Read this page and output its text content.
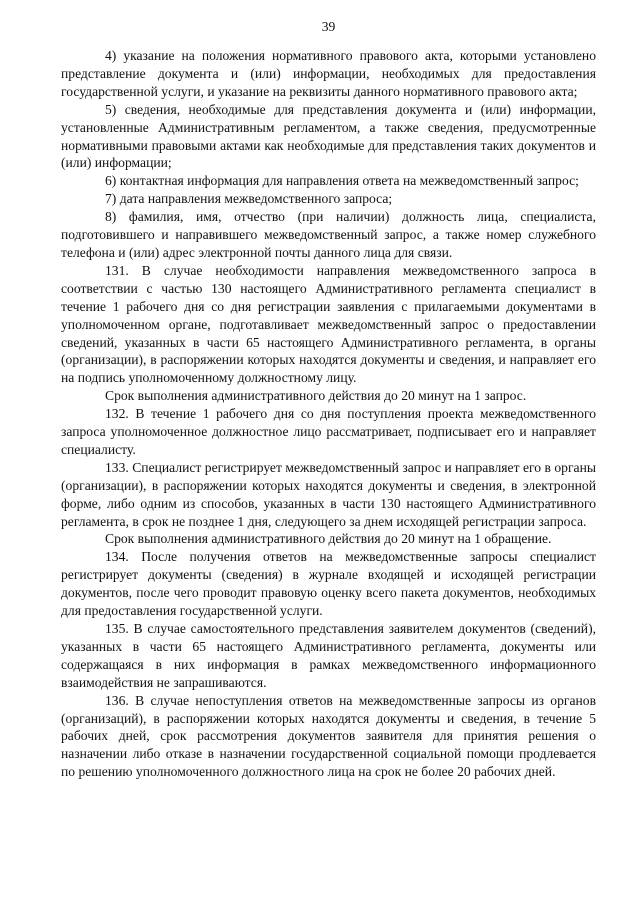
39

4) указание на положения нормативного правового акта, которыми установлено представление документа и (или) информации, необходимых для предоставления государственной услуги, и указание на реквизиты данного нормативного правового акта;

5) сведения, необходимые для представления документа и (или) информации, установленные Административным регламентом, а также сведения, предусмотренные нормативными правовыми актами как необходимые для представления таких документов и (или) информации;

6) контактная информация для направления ответа на межведомственный запрос;

7) дата направления межведомственного запроса;

8) фамилия, имя, отчество (при наличии) должность лица, специалиста, подготовившего и направившего межведомственный запрос, а также номер служебного телефона и (или) адрес электронной почты данного лица для связи.

131. В случае необходимости направления межведомственного запроса в соответствии с частью 130 настоящего Административного регламента специалист в течение 1 рабочего дня со дня регистрации заявления с прилагаемыми документами в уполномоченном органе, подготавливает межведомственный запрос о предоставлении сведений, указанных в части 65 настоящего Административного регламента, в органы (организации), в распоряжении которых находятся документы и сведения, и направляет его на подпись уполномоченному должностному лицу.

Срок выполнения административного действия до 20 минут на 1 запрос.

132. В течение 1 рабочего дня со дня поступления проекта межведомственного запроса уполномоченное должностное лицо рассматривает, подписывает его и направляет специалисту.

133. Специалист регистрирует межведомственный запрос и направляет его в органы (организации), в распоряжении которых находятся документы и сведения, в электронной форме, либо одним из способов, указанных в части 130 настоящего Административного регламента, в срок не позднее 1 дня, следующего за днем исходящей регистрации запроса.

Срок выполнения административного действия до 20 минут на 1 обращение.

134. После получения ответов на межведомственные запросы специалист регистрирует документы (сведения) в журнале входящей и исходящей регистрации документов, после чего проводит правовую оценку всего пакета документов, необходимых для предоставления государственной услуги.

135. В случае самостоятельного представления заявителем документов (сведений), указанных в части 65 настоящего Административного регламента, документы или содержащаяся в них информация в рамках межведомственного информационного взаимодействия не запрашиваются.

136. В случае непоступления ответов на межведомственные запросы из органов (организаций), в распоряжении которых находятся документы и сведения, в течение 5 рабочих дней, срок рассмотрения документов заявителя для принятия решения о назначении либо отказе в назначении государственной социальной помощи продлевается по решению уполномоченного должностного лица на срок не более 20 рабочих дней.
